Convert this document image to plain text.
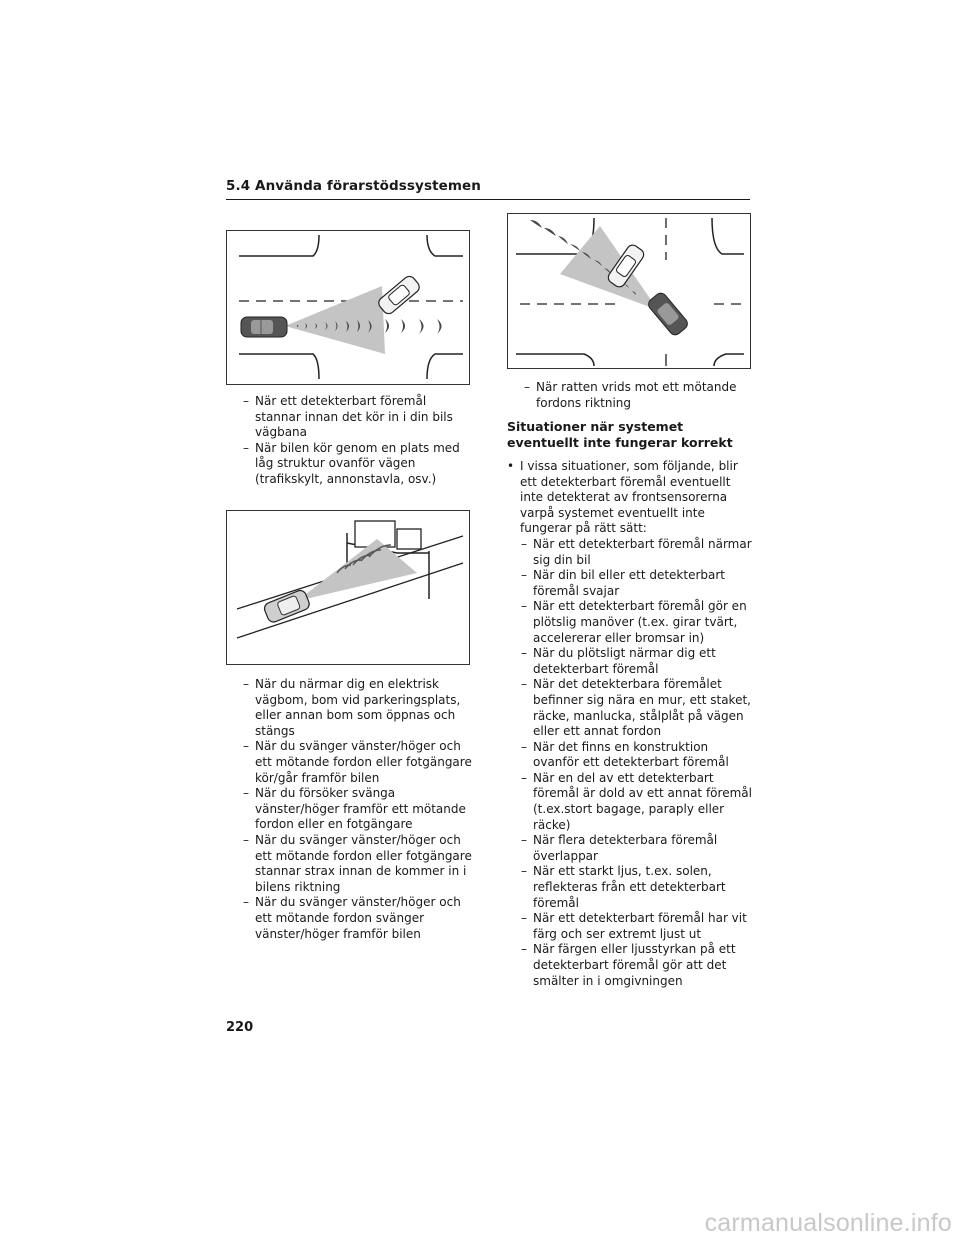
5.4 Använda förarstödssystemen
– När ett detekterbart föremål stannar innan det kör in i din bils vägbana
– När bilen kör genom en plats med låg struktur ovanför vägen (trafikskylt, annonstavla, osv.)
– När du närmar dig en elektrisk vägbom, bom vid parkeringsplats, eller annan bom som öppnas och stängs
– När du svänger vänster/höger och ett mötande fordon eller fotgängare kör/går framför bilen
– När du försöker svänga vänster/höger framför ett mötande fordon eller en fotgängare
– När du svänger vänster/höger och ett mötande fordon eller fotgängare stannar strax innan de kommer in i bilens riktning
– När du svänger vänster/höger och ett mötande fordon svänger vänster/höger framför bilen
– När ratten vrids mot ett mötande fordons riktning
Situationer när systemet eventuellt inte fungerar korrekt
• I vissa situationer, som följande, blir ett detekterbart föremål eventuellt inte detekterat av frontsensorerna varpå systemet eventuellt inte fungerar på rätt sätt:
– När ett detekterbart föremål närmar sig din bil
– När din bil eller ett detekterbart föremål svajar
– När ett detekterbart föremål gör en plötslig manöver (t.ex. girar tvärt, accelererar eller bromsar in)
– När du plötsligt närmar dig ett detekterbart föremål
– När det detekterbara föremålet befinner sig nära en mur, ett staket, räcke, manlucka, stålplåt på vägen eller ett annat fordon
– När det finns en konstruktion ovanför ett detekterbart föremål
– När en del av ett detekterbart föremål är dold av ett annat föremål (t.ex.stort bagage, paraply eller räcke)
– När flera detekterbara föremål överlappar
– När ett starkt ljus, t.ex. solen, reflekteras från ett detekterbart föremål
– När ett detekterbart föremål har vit färg och ser extremt ljust ut
– När färgen eller ljusstyrkan på ett detekterbart föremål gör att det smälter in i omgivningen
220
carmanualsonline.info
